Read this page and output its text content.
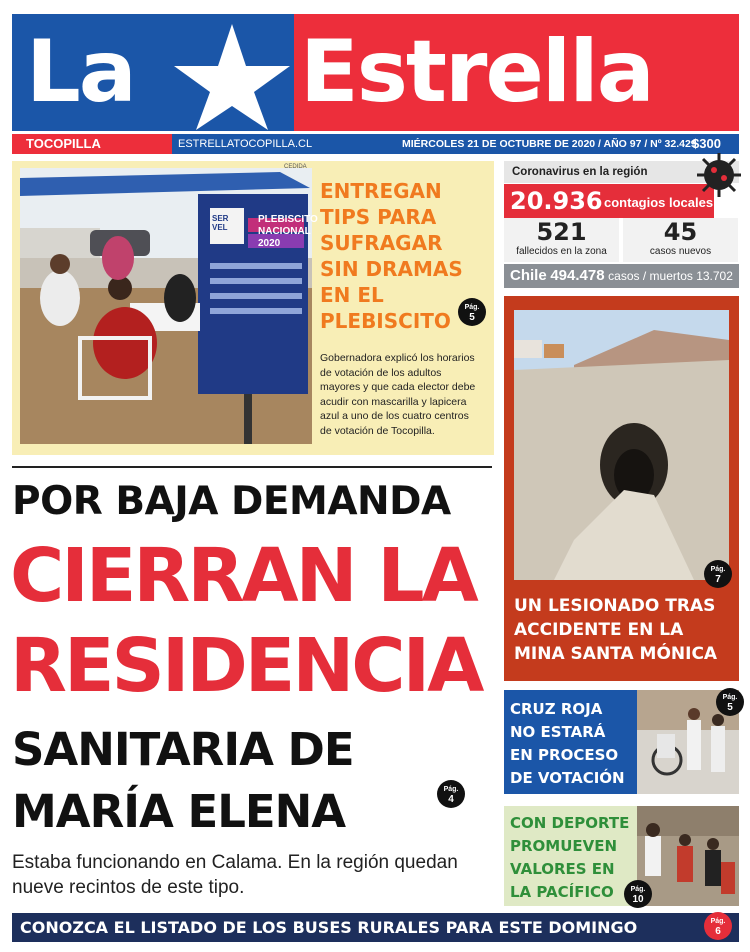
La Estrella
TOCOPILLA	ESTRELLATOCOPILLA.CL	MIÉRCOLES 21 DE OCTUBRE DE 2020 / AÑO 97 / Nº 32.429
$300
CEDIDA
SER VEL
PLEBISCITO NACIONAL 2020
ENTREGAN
TIPS PARA
SUFRAGAR
SIN DRAMAS
EN EL
PLEBISCITO
Pág.
5
Gobernadora explicó los horarios de votación de los adultos mayores y que cada elector debe acudir con mascarilla y lapicera azul a uno de los cuatro centros de votación de Tocopilla.
Coronavirus en la región
20.936 contagios locales
521
fallecidos en la zona
45
casos nuevos
Chile 494.478 casos / muertos 13.702
Pág.
7
UN LESIONADO TRAS
ACCIDENTE EN LA
MINA SANTA MÓNICA
Pág.
5
CRUZ ROJA
NO ESTARÁ
EN PROCESO
DE VOTACIÓN
Pág.
10
CON DEPORTE
PROMUEVEN
VALORES EN
LA PACÍFICO
POR BAJA DEMANDA
CIERRAN LA
RESIDENCIA
SANITARIA DE
MARÍA ELENA	Pág.
4
Estaba funcionando en Calama. En la región quedan nueve recintos de este tipo.
CONOZCA EL LISTADO DE LOS BUSES RURALES PARA ESTE DOMINGO	Pág.
6
